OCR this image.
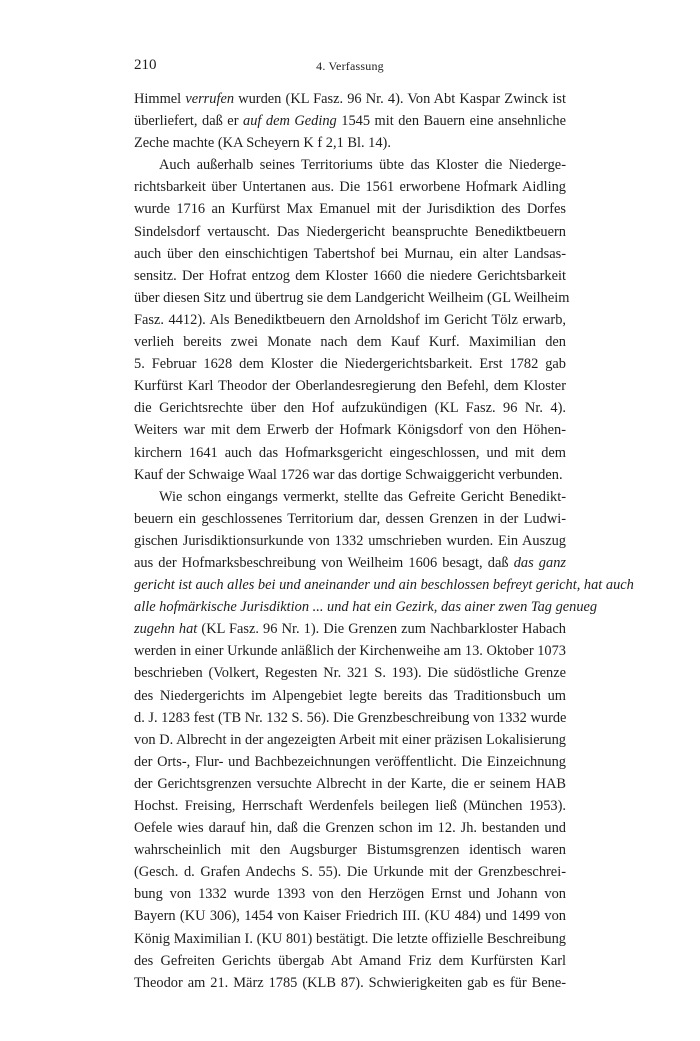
210	4. Verfassung
Himmel verrufen wurden (KL Fasz. 96 Nr. 4). Von Abt Kaspar Zwinck ist
überliefert, daß er auf dem Geding 1545 mit den Bauern eine ansehnliche
Zeche machte (KA Scheyern K f 2,1 Bl. 14).
Auch außerhalb seines Territoriums übte das Kloster die Niederge-
richtsbarkeit über Untertanen aus. Die 1561 erworbene Hofmark Aidling
wurde 1716 an Kurfürst Max Emanuel mit der Jurisdiktion des Dorfes
Sindelsdorf vertauscht. Das Niedergericht beanspruchte Benediktbeuern
auch über den einschichtigen Tabertshof bei Murnau, ein alter Landsas-
sensitz. Der Hofrat entzog dem Kloster 1660 die niedere Gerichtsbarkeit
über diesen Sitz und übertrug sie dem Landgericht Weilheim (GL Weilheim
Fasz. 4412). Als Benediktbeuern den Arnoldshof im Gericht Tölz erwarb,
verlieh bereits zwei Monate nach dem Kauf Kurf. Maximilian den
5. Februar 1628 dem Kloster die Niedergerichtsbarkeit. Erst 1782 gab
Kurfürst Karl Theodor der Oberlandesregierung den Befehl, dem Kloster
die Gerichtsrechte über den Hof aufzukündigen (KL Fasz. 96 Nr. 4).
Weiters war mit dem Erwerb der Hofmark Königsdorf von den Höhen-
kirchern 1641 auch das Hofmarksgericht eingeschlossen, und mit dem
Kauf der Schwaige Waal 1726 war das dortige Schwaiggericht verbunden.
Wie schon eingangs vermerkt, stellte das Gefreite Gericht Benedikt-
beuern ein geschlossenes Territorium dar, dessen Grenzen in der Ludwi-
gischen Jurisdiktionsurkunde von 1332 umschrieben wurden. Ein Auszug
aus der Hofmarksbeschreibung von Weilheim 1606 besagt, daß das ganz
gericht ist auch alles bei und aneinander und ain beschlossen befreyt gericht, hat auch
alle hofmärkische Jurisdiktion ... und hat ein Gezirk, das ainer zwen Tag genueg
zugehn hat (KL Fasz. 96 Nr. 1). Die Grenzen zum Nachbarkloster Habach
werden in einer Urkunde anläßlich der Kirchenweihe am 13. Oktober 1073
beschrieben (Volkert, Regesten Nr. 321 S. 193). Die südöstliche Grenze
des Niedergerichts im Alpengebiet legte bereits das Traditionsbuch um
d. J. 1283 fest (TB Nr. 132 S. 56). Die Grenzbeschreibung von 1332 wurde
von D. Albrecht in der angezeigten Arbeit mit einer präzisen Lokalisierung
der Orts-, Flur- und Bachbezeichnungen veröffentlicht. Die Einzeichnung
der Gerichtsgrenzen versuchte Albrecht in der Karte, die er seinem HAB
Hochst. Freising, Herrschaft Werdenfels beilegen ließ (München 1953).
Oefele wies darauf hin, daß die Grenzen schon im 12. Jh. bestanden und
wahrscheinlich mit den Augsburger Bistumsgrenzen identisch waren
(Gesch. d. Grafen Andechs S. 55). Die Urkunde mit der Grenzbeschrei-
bung von 1332 wurde 1393 von den Herzögen Ernst und Johann von
Bayern (KU 306), 1454 von Kaiser Friedrich III. (KU 484) und 1499 von
König Maximilian I. (KU 801) bestätigt. Die letzte offizielle Beschreibung
des Gefreiten Gerichts übergab Abt Amand Friz dem Kurfürsten Karl
Theodor am 21. März 1785 (KLB 87). Schwierigkeiten gab es für Bene-
